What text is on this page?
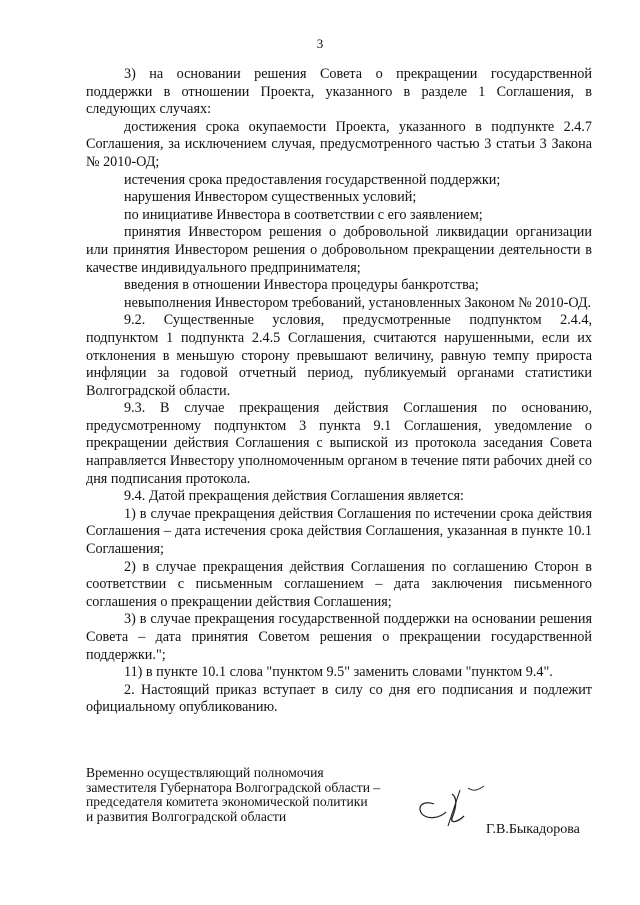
3

3) на основании решения Совета о прекращении государственной поддержки в отношении Проекта, указанного в разделе 1 Соглашения, в следующих случаях:

достижения срока окупаемости Проекта, указанного в подпункте 2.4.7 Соглашения, за исключением случая, предусмотренного частью 3 статьи 3 Закона № 2010-ОД;

истечения срока предоставления государственной поддержки;

нарушения Инвестором существенных условий;

по инициативе Инвестора в соответствии с его заявлением;

принятия Инвестором решения о добровольной ликвидации организации или принятия Инвестором решения о добровольном прекращении деятельности в качестве индивидуального предпринимателя;

введения в отношении Инвестора процедуры банкротства;

невыполнения Инвестором требований, установленных Законом № 2010-ОД.

9.2. Существенные условия, предусмотренные подпунктом 2.4.4, подпунктом 1 подпункта 2.4.5 Соглашения, считаются нарушенными, если их отклонения в меньшую сторону превышают величину, равную темпу прироста инфляции за годовой отчетный период, публикуемый органами статистики Волгоградской области.

9.3. В случае прекращения действия Соглашения по основанию, предусмотренному подпунктом 3 пункта 9.1 Соглашения, уведомление о прекращении действия Соглашения с выпиской из протокола заседания Совета направляется Инвестору уполномоченным органом в течение пяти рабочих дней со дня подписания протокола.

9.4. Датой прекращения действия Соглашения является:

1) в случае прекращения действия Соглашения по истечении срока действия Соглашения – дата истечения срока действия Соглашения, указанная в пункте 10.1 Соглашения;

2) в случае прекращения действия Соглашения по соглашению Сторон в соответствии с письменным соглашением – дата заключения письменного соглашения о прекращении действия Соглашения;

3) в случае прекращения государственной поддержки на основании решения Совета – дата принятия Советом решения о прекращении государственной поддержки.";

11) в пункте 10.1 слова "пунктом 9.5" заменить словами "пунктом 9.4".

2. Настоящий приказ вступает в силу со дня его подписания и подлежит официальному опубликованию.

Временно осуществляющий полномочия
заместителя Губернатора Волгоградской области –
председателя комитета экономической политики
и развития Волгоградской области
Г.В.Быкадорова
